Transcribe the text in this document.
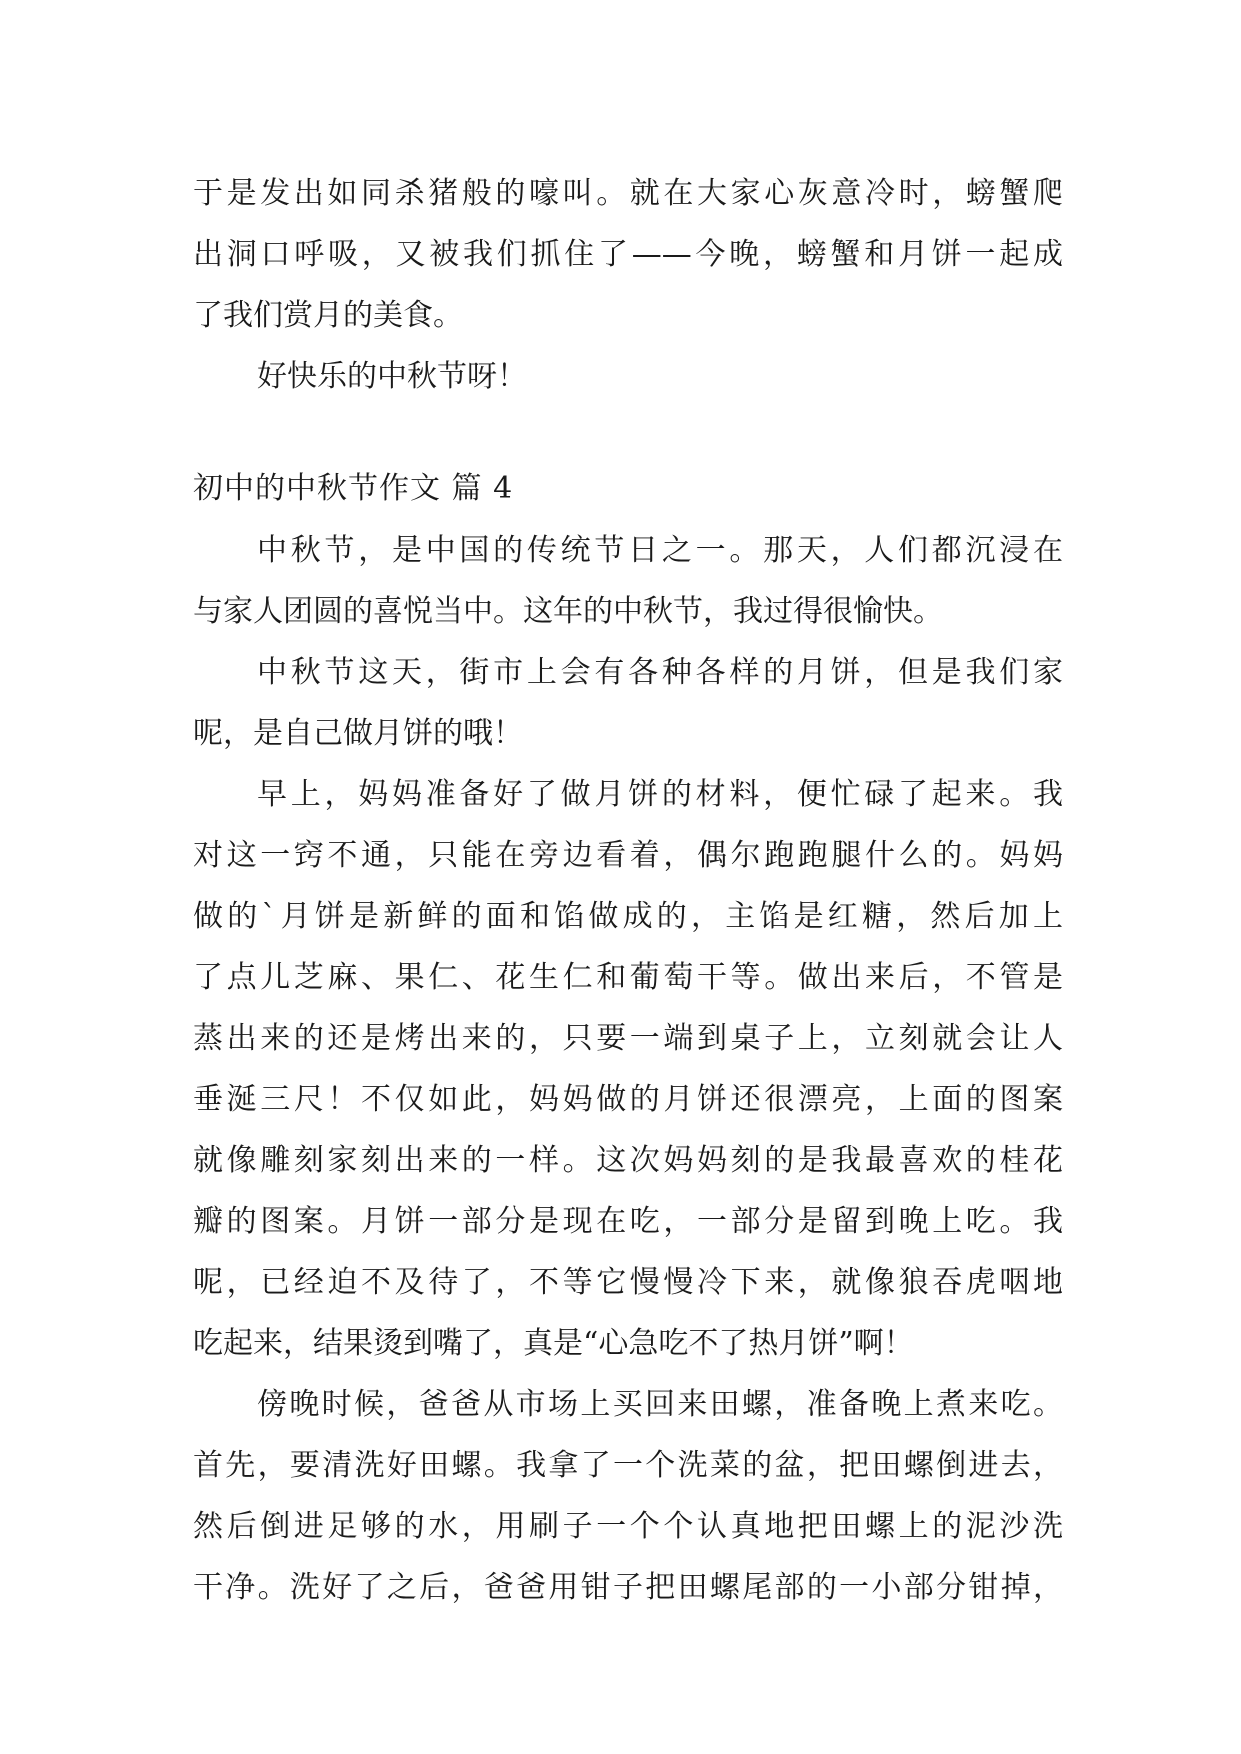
于是发出如同杀猪般的嚎叫。就在大家心灰意冷时，螃蟹爬
出洞口呼吸，又被我们抓住了——今晚，螃蟹和月饼一起成
了我们赏月的美食。
好快乐的中秋节呀！
初中的中秋节作文 篇 4
中秋节，是中国的传统节日之一。那天，人们都沉浸在
与家人团圆的喜悦当中。这年的中秋节，我过得很愉快。
中秋节这天，街市上会有各种各样的月饼，但是我们家
呢，是自己做月饼的哦！
早上，妈妈准备好了做月饼的材料，便忙碌了起来。我
对这一窍不通，只能在旁边看着，偶尔跑跑腿什么的。妈妈
做的`月饼是新鲜的面和馅做成的，主馅是红糖，然后加上
了点儿芝麻、果仁、花生仁和葡萄干等。做出来后，不管是
蒸出来的还是烤出来的，只要一端到桌子上，立刻就会让人
垂涎三尺！不仅如此，妈妈做的月饼还很漂亮，上面的图案
就像雕刻家刻出来的一样。这次妈妈刻的是我最喜欢的桂花
瓣的图案。月饼一部分是现在吃，一部分是留到晚上吃。我
呢，已经迫不及待了，不等它慢慢冷下来，就像狼吞虎咽地
吃起来，结果烫到嘴了，真是“心急吃不了热月饼”啊！
傍晚时候，爸爸从市场上买回来田螺，准备晚上煮来吃。
首先，要清洗好田螺。我拿了一个洗菜的盆，把田螺倒进去，
然后倒进足够的水，用刷子一个个认真地把田螺上的泥沙洗
干净。洗好了之后，爸爸用钳子把田螺尾部的一小部分钳掉，
